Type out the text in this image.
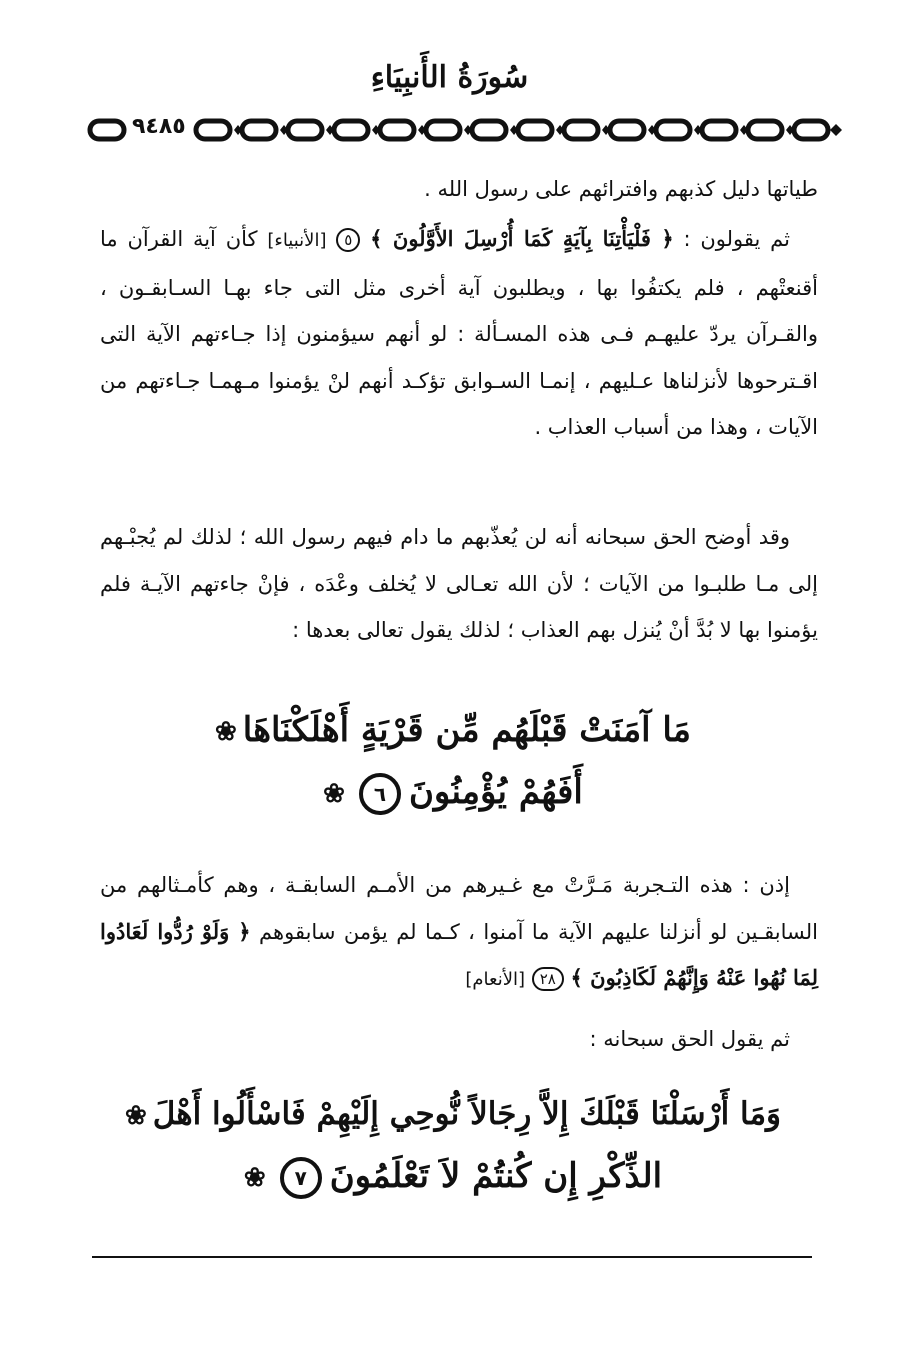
سُورَةُ الأَنبِيَاءِ
٩٤٨٥
طياتها دليل كذبهم وافترائهم على رسول الله .
ثم يقولون : ﴿ فَلْيَأْتِنَا بِآيَةٍ كَمَا أُرْسِلَ الأَوَّلُونَ ﴾ ٥ [الأنبياء] كأن آية القرآن ما أقنعتْهم ، فلم يكتفُوا بها ، ويطلبون آية أخرى مثل التى جاء بهـا السـابقـون ، والقـرآن يردّ عليهـم فـى هذه المسـألة : لو أنهم سيؤمنون إذا جـاءتهم الآية التى اقـترحوها لأنزلناها عـليهم ، إنمـا السـوابق تؤكـد أنهم لنْ يؤمنوا مـهمـا جـاءتهم من الآيات ، وهذا من أسباب العذاب .
وقد أوضح الحق سبحانه أنه لن يُعذّبهم ما دام فيهم رسول الله ؛ لذلك لم يُجبْـهم إلى مـا طلبـوا من الآيات ؛ لأن الله تعـالى لا يُخلف وعْدَه ، فإنْ جاءتهم الآيـة فلم يؤمنوا بها لا بُدَّ أنْ يُنزل بهم العذاب ؛ لذلك يقول تعالى بعدها :
مَا آمَنَتْ قَبْلَهُم مِّن قَرْيَةٍ أَهْلَكْنَاهَا❀
أَفَهُمْ يُؤْمِنُونَ٦❀
إذن : هذه التـجربة مَـرَّتْ مع غـيرهم من الأمـم السابقـة ، وهم كأمـثالهم من السابقـين لو أنزلنا عليهم الآية ما آمنوا ، كـما لم يؤمن سابقوهم ﴿ وَلَوْ رُدُّوا لَعَادُوا لِمَا نُهُوا عَنْهُ وَإِنَّهُمْ لَكَاذِبُونَ ﴾ ٢٨ [الأنعام]
ثم يقول الحق سبحانه :
وَمَا أَرْسَلْنَا قَبْلَكَ إِلاَّ رِجَالاً نُّوحِي إِلَيْهِمْ فَاسْأَلُوا أَهْلَ❀
الذِّكْرِ إِن كُنتُمْ لاَ تَعْلَمُونَ٧❀
